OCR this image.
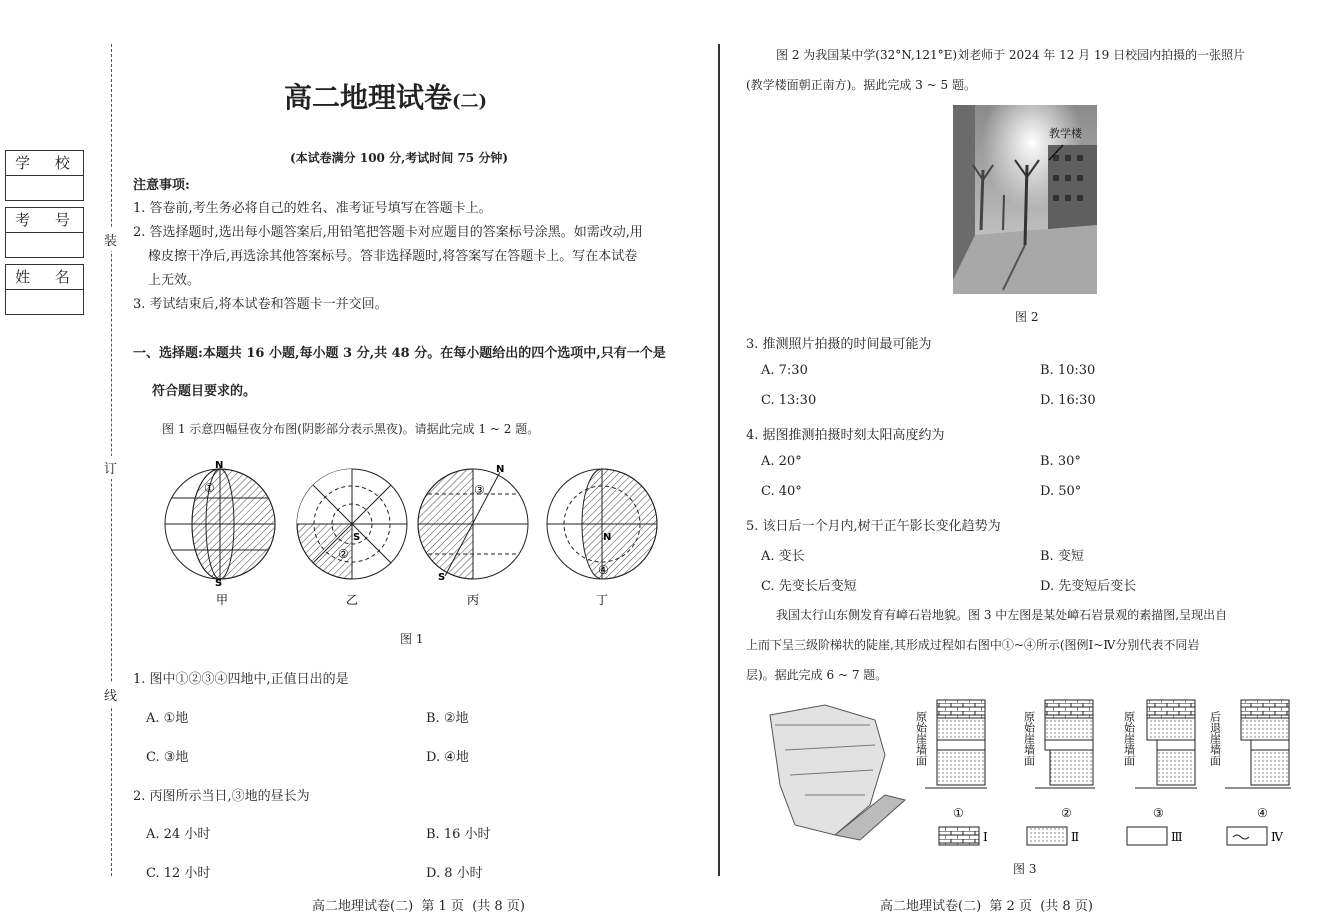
学 校
考 号
姓 名
装
订
线
高二地理试卷(二)
(本试卷满分 100 分,考试时间 75 分钟)
注意事项:
1. 答卷前,考生务必将自己的姓名、准考证号填写在答题卡上。
2. 答选择题时,选出每小题答案后,用铅笔把答题卡对应题目的答案标号涂黑。如需改动,用
橡皮擦干净后,再选涂其他答案标号。答非选择题时,将答案写在答题卡上。写在本试卷
上无效。
3. 考试结束后,将本试卷和答题卡一并交回。
一、选择题:本题共 16 小题,每小题 3 分,共 48 分。在每小题给出的四个选项中,只有一个是
符合题目要求的。
图 1 示意四幅昼夜分布图(阴影部分表示黑夜)。请据此完成 1 ~ 2 题。
N
S
①
S
②
N
S
③
N
④
甲	乙	丙	丁
图 1
1. 图中①②③④四地中,正值日出的是
A. ①地	B. ②地
C. ③地	D. ④地
2. 丙图所示当日,③地的昼长为
A. 24 小时	B. 16 小时
C. 12 小时	D. 8 小时
高二地理试卷(二)  第 1 页  (共 8 页)
图 2 为我国某中学(32°N,121°E)刘老师于 2024 年 12 月 19 日校园内拍摄的一张照片
(教学楼面朝正南方)。据此完成 3 ~ 5 题。
教学楼
图 2
3. 推测照片拍摄的时间最可能为
A. 7:30	B. 10:30
C. 13:30	D. 16:30
4. 据图推测拍摄时刻太阳高度约为
A. 20°	B. 30°
C. 40°	D. 50°
5. 该日后一个月内,树干正午影长变化趋势为
A. 变长	B. 变短
C. 先变长后变短	D. 先变短后变长
我国太行山东侧发育有嶂石岩地貌。图 3 中左图是某处嶂石岩景观的素描图,呈现出自
上而下呈三级阶梯状的陡崖,其形成过程如右图中①~④所示(图例Ⅰ~Ⅳ分别代表不同岩
层)。据此完成 6 ~ 7 题。
原始崖墙面	原始崖墙面	原始崖墙面	后退崖墙面
①	②	③	④
Ⅰ	Ⅱ	Ⅲ	Ⅳ
图 3
高二地理试卷(二)  第 2 页  (共 8 页)
